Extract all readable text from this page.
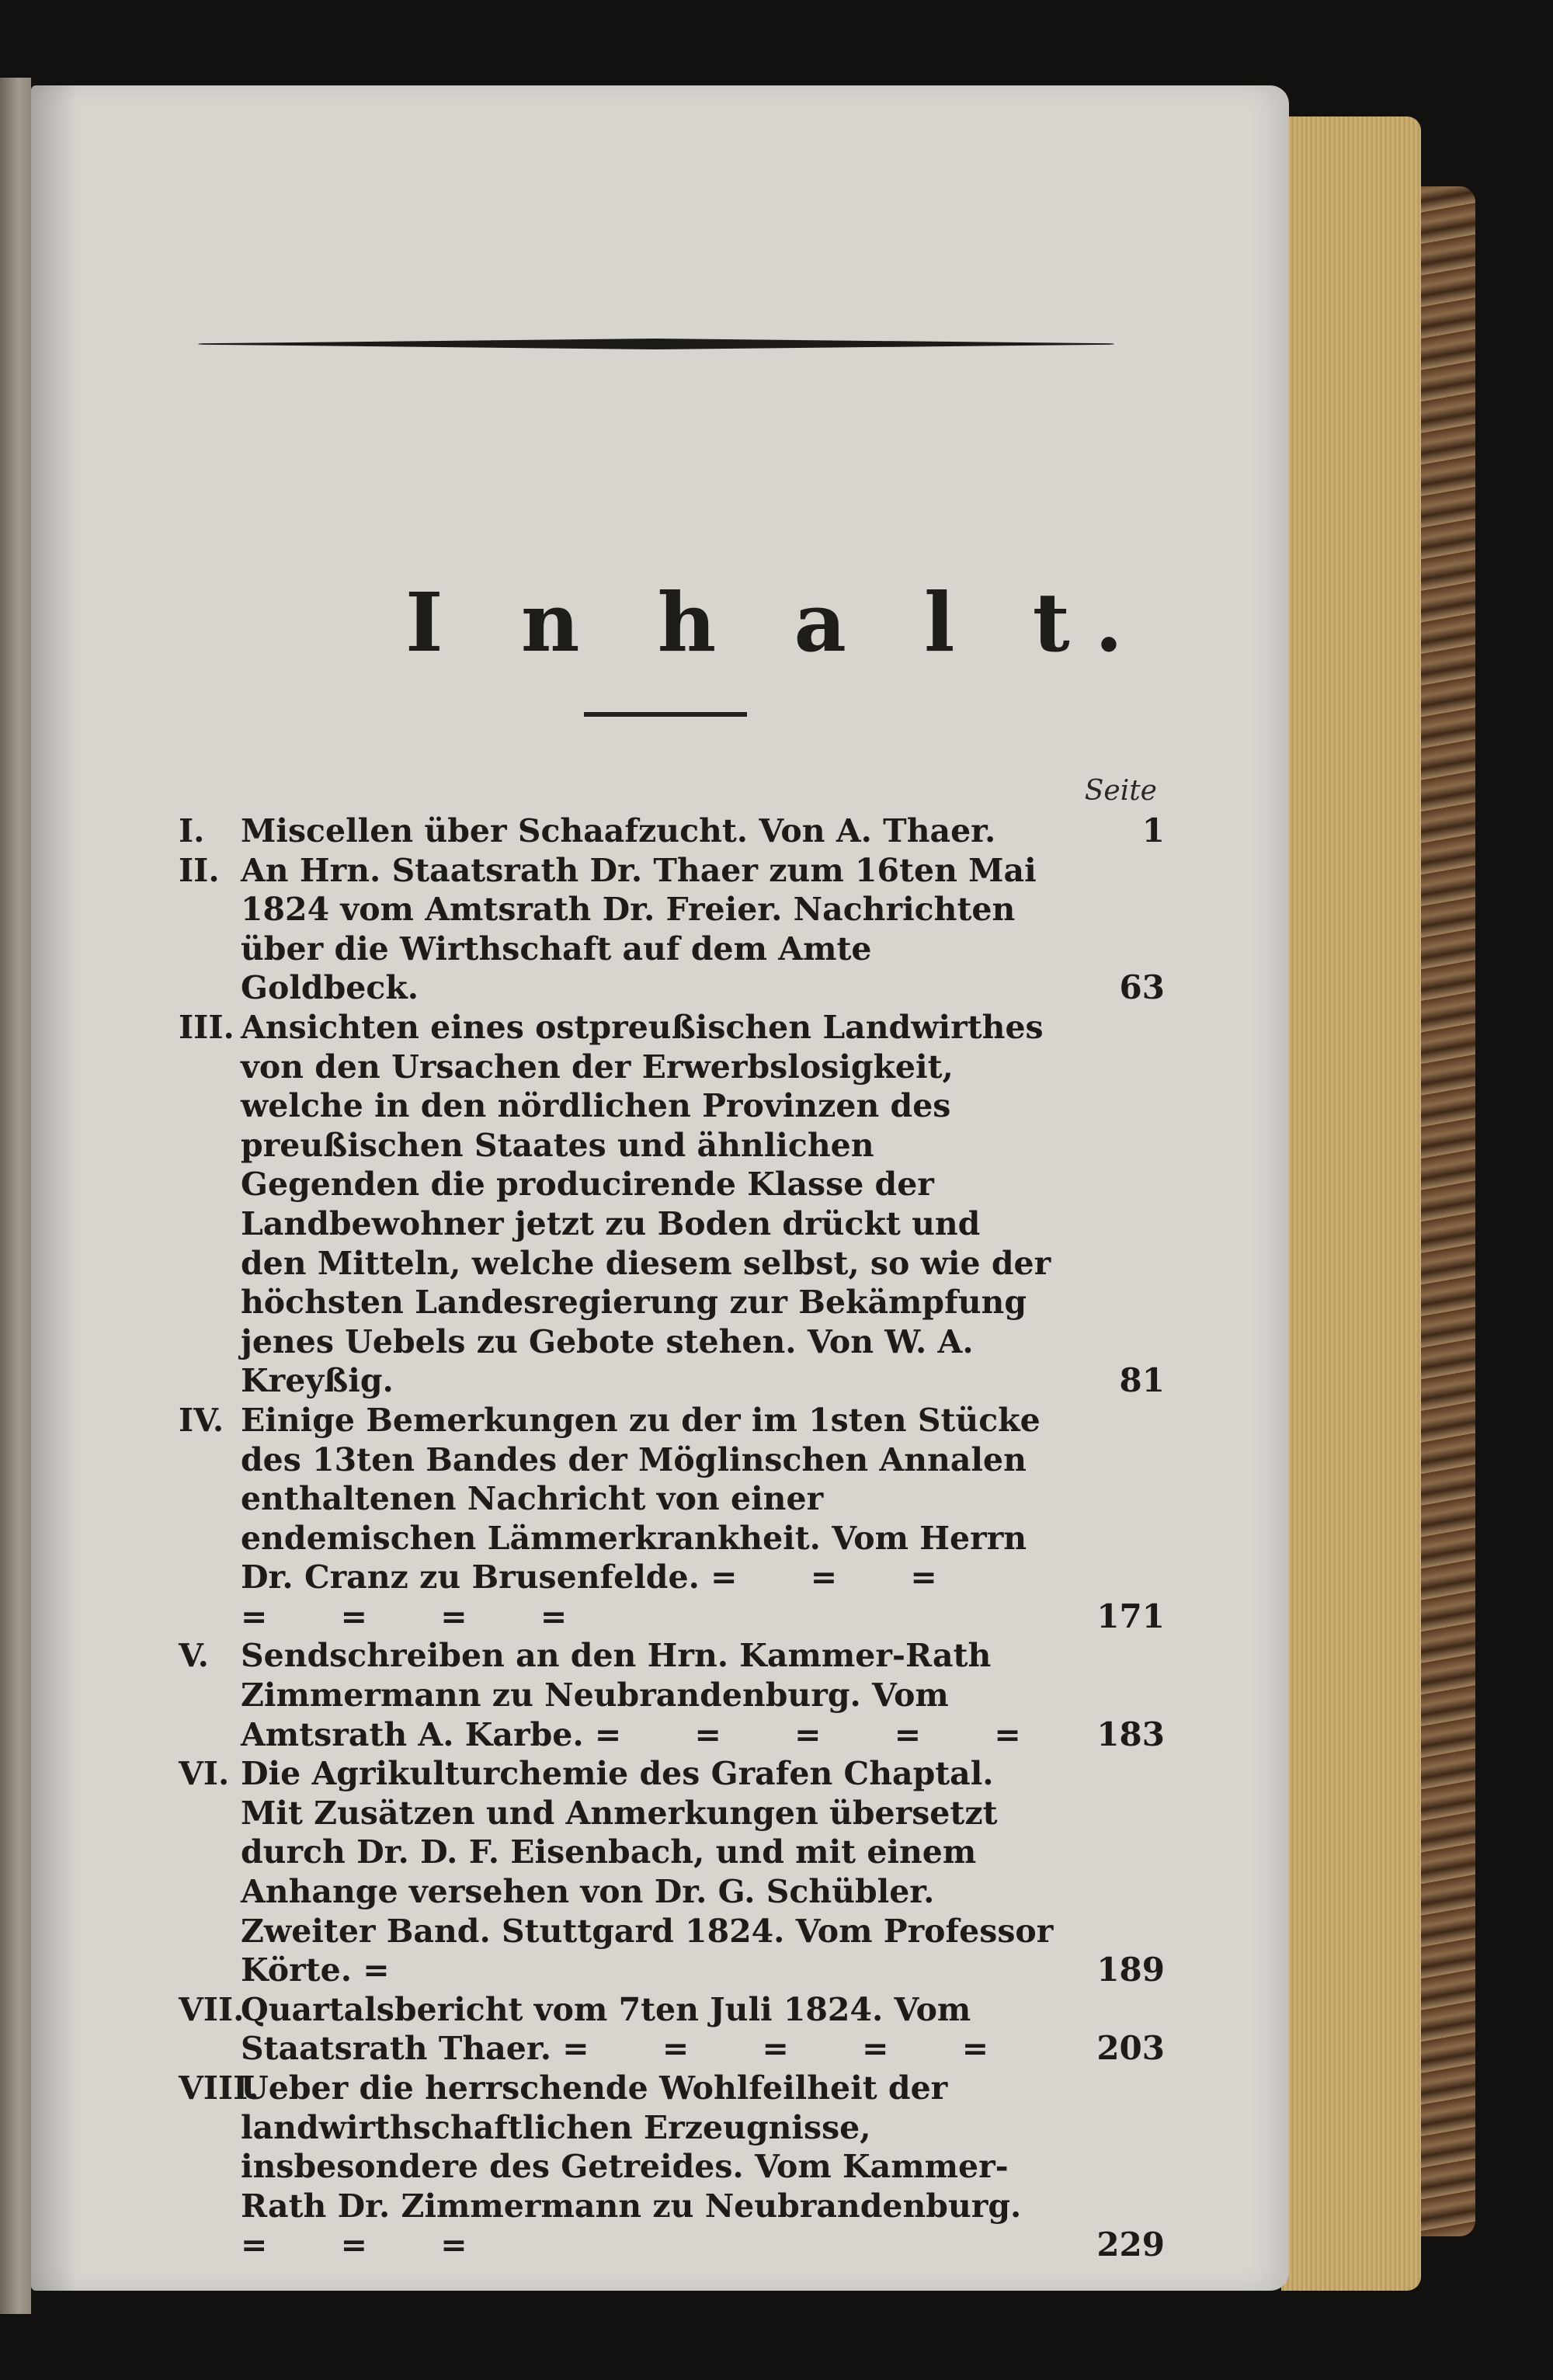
I n h a l t.
Seite
I.	Miscellen über Schaafzucht. Von A. Thaer.	1
II. An Hrn. Staatsrath Dr. Thaer zum 16ten Mai 1824 vom Amtsrath Dr. Freier. Nachrichten über die Wirthschaft auf dem Amte Goldbeck.	63
III. Ansichten eines ostpreußischen Landwirthes von den Ursachen der Erwerbslosigkeit, welche in den nördlichen Provinzen des preußischen Staates und ähnlichen Gegenden die producirende Klasse der Landbewohner jetzt zu Boden drückt und den Mitteln, welche diesem selbst, so wie der höchsten Landesregierung zur Bekämpfung jenes Uebels zu Gebote stehen. Von W. A. Kreyßig.	81
IV. Einige Bemerkungen zu der im 1sten Stücke des 13ten Bandes der Möglinschen Annalen enthaltenen Nachricht von einer endemischen Lämmerkrankheit. Vom Herrn Dr. Cranz zu Brusenfelde. = = = = = = =	171
V.	Sendschreiben an den Hrn. Kammer-Rath Zimmermann zu Neubrandenburg. Vom Amtsrath A. Karbe. = = = = =	183
VI. Die Agrikulturchemie des Grafen Chaptal. Mit Zusätzen und Anmerkungen übersetzt durch Dr. D. F. Eisenbach, und mit einem Anhange versehen von Dr. G. Schübler. Zweiter Band. Stuttgard 1824. Vom Professor Körte. =	189
VII.
Quartalsbericht vom 7ten Juli 1824. Vom Staatsrath Thaer. = = = = =	203
VIII.
Ueber die herrschende Wohlfeilheit der landwirthschaftlichen Erzeugnisse, insbesondere des Getreides. Vom Kammer-Rath Dr. Zimmermann zu Neubrandenburg. = = =	229
